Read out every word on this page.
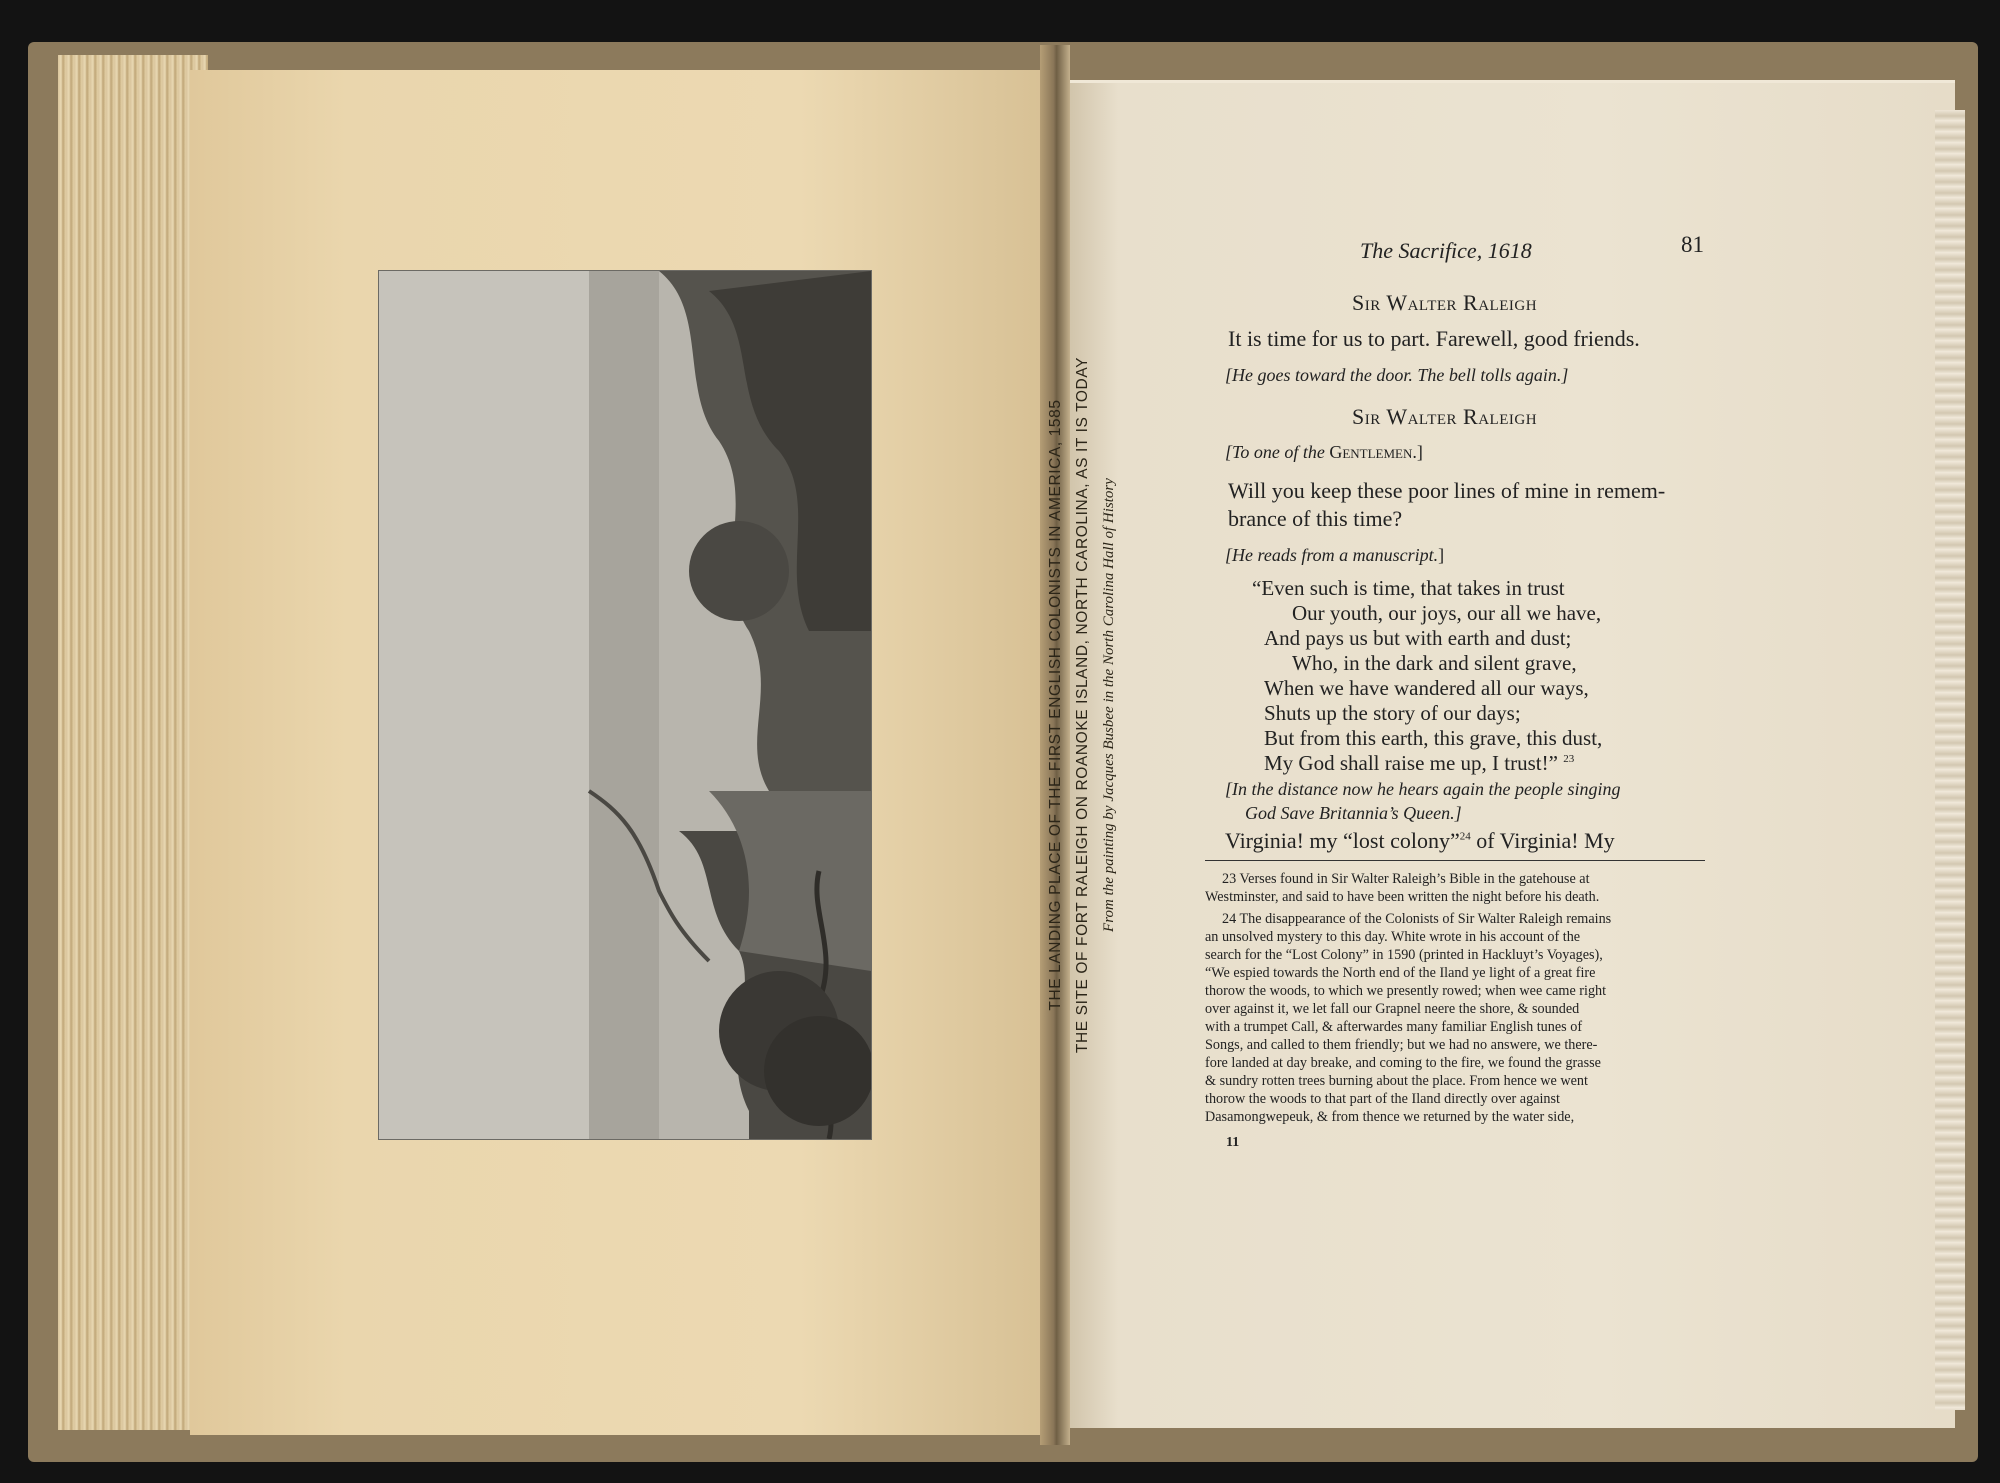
THE LANDING PLACE OF THE FIRST ENGLISH COLONISTS IN AMERICA, 1585 THE SITE OF FORT RALEIGH ON ROANOKE ISLAND, NORTH CAROLINA, AS IT IS TODAY From the painting by Jacques Busbee in the North Carolina Hall of History
The Sacrifice, 1618	81
Sir Walter Raleigh
It is time for us to part. Farewell, good friends.
[He goes toward the door. The bell tolls again.]
Sir Walter Raleigh
[To one of the Gentlemen.]
Will you keep these poor lines of mine in remem-
brance of this time?
[He reads from a manuscript.]
“Even such is time, that takes in trust
Our youth, our joys, our all we have,
And pays us but with earth and dust;
Who, in the dark and silent grave,
When we have wandered all our ways,
Shuts up the story of our days;
But from this earth, this grave, this dust,
My God shall raise me up, I trust!” $^{23}$
[In the distance now he hears again the people singing
God Save Britannia’s Queen.]
Virginia! my “lost colony”$^{24}$ of Virginia! My
23 Verses found in Sir Walter Raleigh’s Bible in the gatehouse at
Westminster, and said to have been written the night before his death.
24 The disappearance of the Colonists of Sir Walter Raleigh remains
an unsolved mystery to this day. White wrote in his account of the
search for the “Lost Colony” in 1590 (printed in Hackluyt’s Voyages),
“We espied towards the North end of the Iland ye light of a great fire
thorow the woods, to which we presently rowed; when wee came right
over against it, we let fall our Grapnel neere the shore, & sounded
with a trumpet Call, & afterwardes many familiar English tunes of
Songs, and called to them friendly; but we had no answere, we there-
fore landed at day breake, and coming to the fire, we found the grasse
& sundry rotten trees burning about the place. From hence we went
thorow the woods to that part of the Iland directly over against
Dasamongwepeuk, & from thence we returned by the water side,
11
